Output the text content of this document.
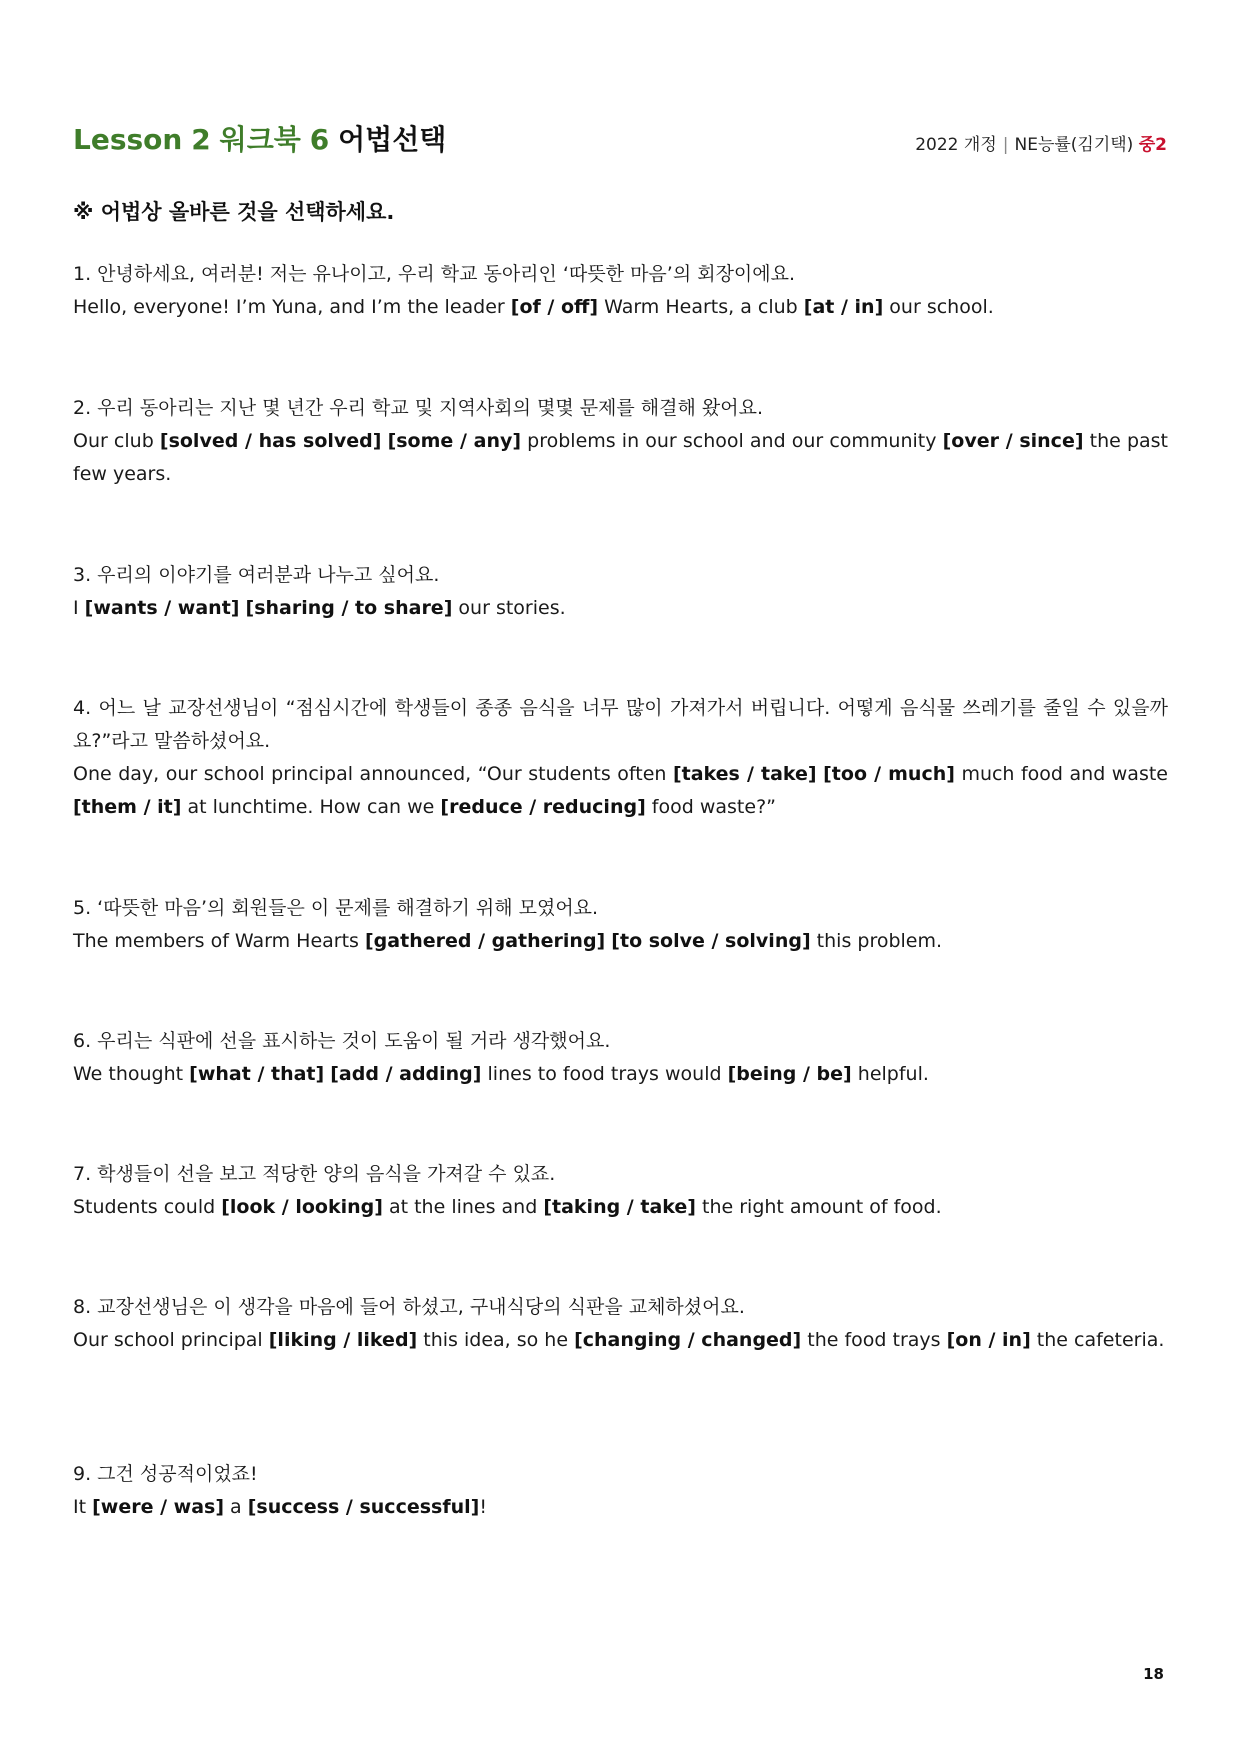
Lesson 2 워크북 6 어법선택	2022 개정 | NE능률(김기택) 중2
※ 어법상 올바른 것을 선택하세요.
1. 안녕하세요, 여러분! 저는 유나이고, 우리 학교 동아리인 ‘따뜻한 마음’의 회장이에요.
Hello, everyone! I’m Yuna, and I’m the leader [of / off] Warm Hearts, a club [at / in] our school.
2. 우리 동아리는 지난 몇 년간 우리 학교 및 지역사회의 몇몇 문제를 해결해 왔어요.
Our club [solved / has solved] [some / any] problems in our school and our community [over / since] the past few years.
3. 우리의 이야기를 여러분과 나누고 싶어요.
I [wants / want] [sharing / to share] our stories.
4. 어느 날 교장선생님이 “점심시간에 학생들이 종종 음식을 너무 많이 가져가서 버립니다. 어떻게 음식물 쓰레기를 줄일 수 있을까요?”라고 말씀하셨어요.
One day, our school principal announced, “Our students often [takes / take] [too / much] much food and waste [them / it] at lunchtime. How can we [reduce / reducing] food waste?”
5. ‘따뜻한 마음’의 회원들은 이 문제를 해결하기 위해 모였어요.
The members of Warm Hearts [gathered / gathering] [to solve / solving] this problem.
6. 우리는 식판에 선을 표시하는 것이 도움이 될 거라 생각했어요.
We thought [what / that] [add / adding] lines to food trays would [being / be] helpful.
7. 학생들이 선을 보고 적당한 양의 음식을 가져갈 수 있죠.
Students could [look / looking] at the lines and [taking / take] the right amount of food.
8. 교장선생님은 이 생각을 마음에 들어 하셨고, 구내식당의 식판을 교체하셨어요.
Our school principal [liking / liked] this idea, so he [changing / changed] the food trays [on / in] the cafeteria.
9. 그건 성공적이었죠!
It [were / was] a [success / successful]!
18
